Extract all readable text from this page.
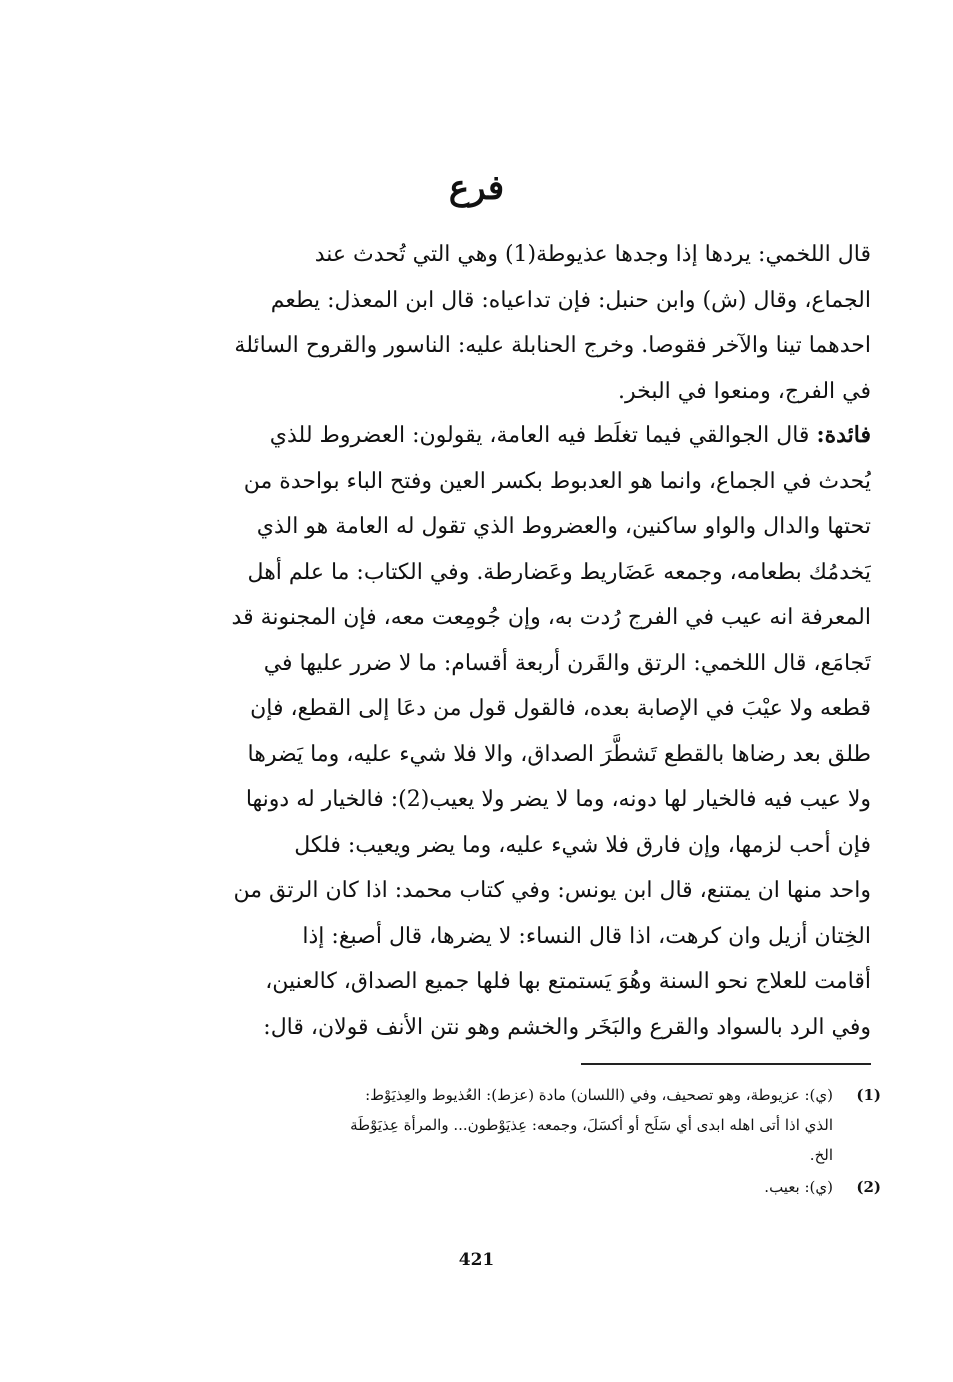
فرع
قال اللخمي: يردها إذا وجدها عذيوطة(1) وهي التي تُحدث عند
الجماع، وقال (ش) وابن حنبل: فإن تداعياه: قال ابن المعذل: يطعم
احدهما تينا والآخر فقوصا. وخرج الحنابلة عليه: الناسور والقروح السائلة
في الفرج، ومنعوا في البخر.
فائدة: قال الجوالقي فيما تغلَط فيه العامة، يقولون: العضروط للذي
يُحدث في الجماع، وانما هو العدبوط بكسر العين وفتح الباء بواحدة من
تحتها والدال والواو ساكنين، والعضروط الذي تقول له العامة هو الذي
يَخدمُك بطعامه، وجمعه عَضَاريط وعَضارطة. وفي الكتاب: ما علم أهل
المعرفة انه عيب في الفرج رُدت به، وإن جُومِعت معه، فإن المجنونة قد
تَجامَع، قال اللخمي: الرتق والقَرن أربعة أقسام: ما لا ضرر عليها في
قطعه ولا عيْبَ في الإصابة بعده، فالقول قول من دعَا إلى القطع، فإن
طلق بعد رضاها بالقطع تَشطَّرَ الصداق، والا فلا شيء عليه، وما يَضرها
ولا عيب فيه فالخيار لها دونه، وما لا يضر ولا يعيب(2): فالخيار له دونها
فإن أحب لزمها، وإن فارق فلا شيء عليه، وما يضر ويعيب: فلكل
واحد منها ان يمتنع، قال ابن يونس: وفي كتاب محمد: اذا كان الرتق من
الخِتان أزيل وان كرهت، اذا قال النساء: لا يضرها، قال أصبغ: إذا
أقامت للعلاج نحو السنة وهُوَ يَستمتع بها فلها جميع الصداق، كالعنين،
وفي الرد بالسواد والقرع والبَخَر والخشم وهو نتن الأنف قولان، قال:
(1)
(ي): عزيوطة، وهو تصحيف، وفي (اللسان) مادة (عزط): العُذيوط والعِذيَوْط:
الذي اذا أتى اهله ابدى أي سَلَح أو أكسَلَ، وجمعه: عِذيَوْطون... والمرأة عِذيَوْطَة
الخ.
(2)
(ي): بعيب.
421
